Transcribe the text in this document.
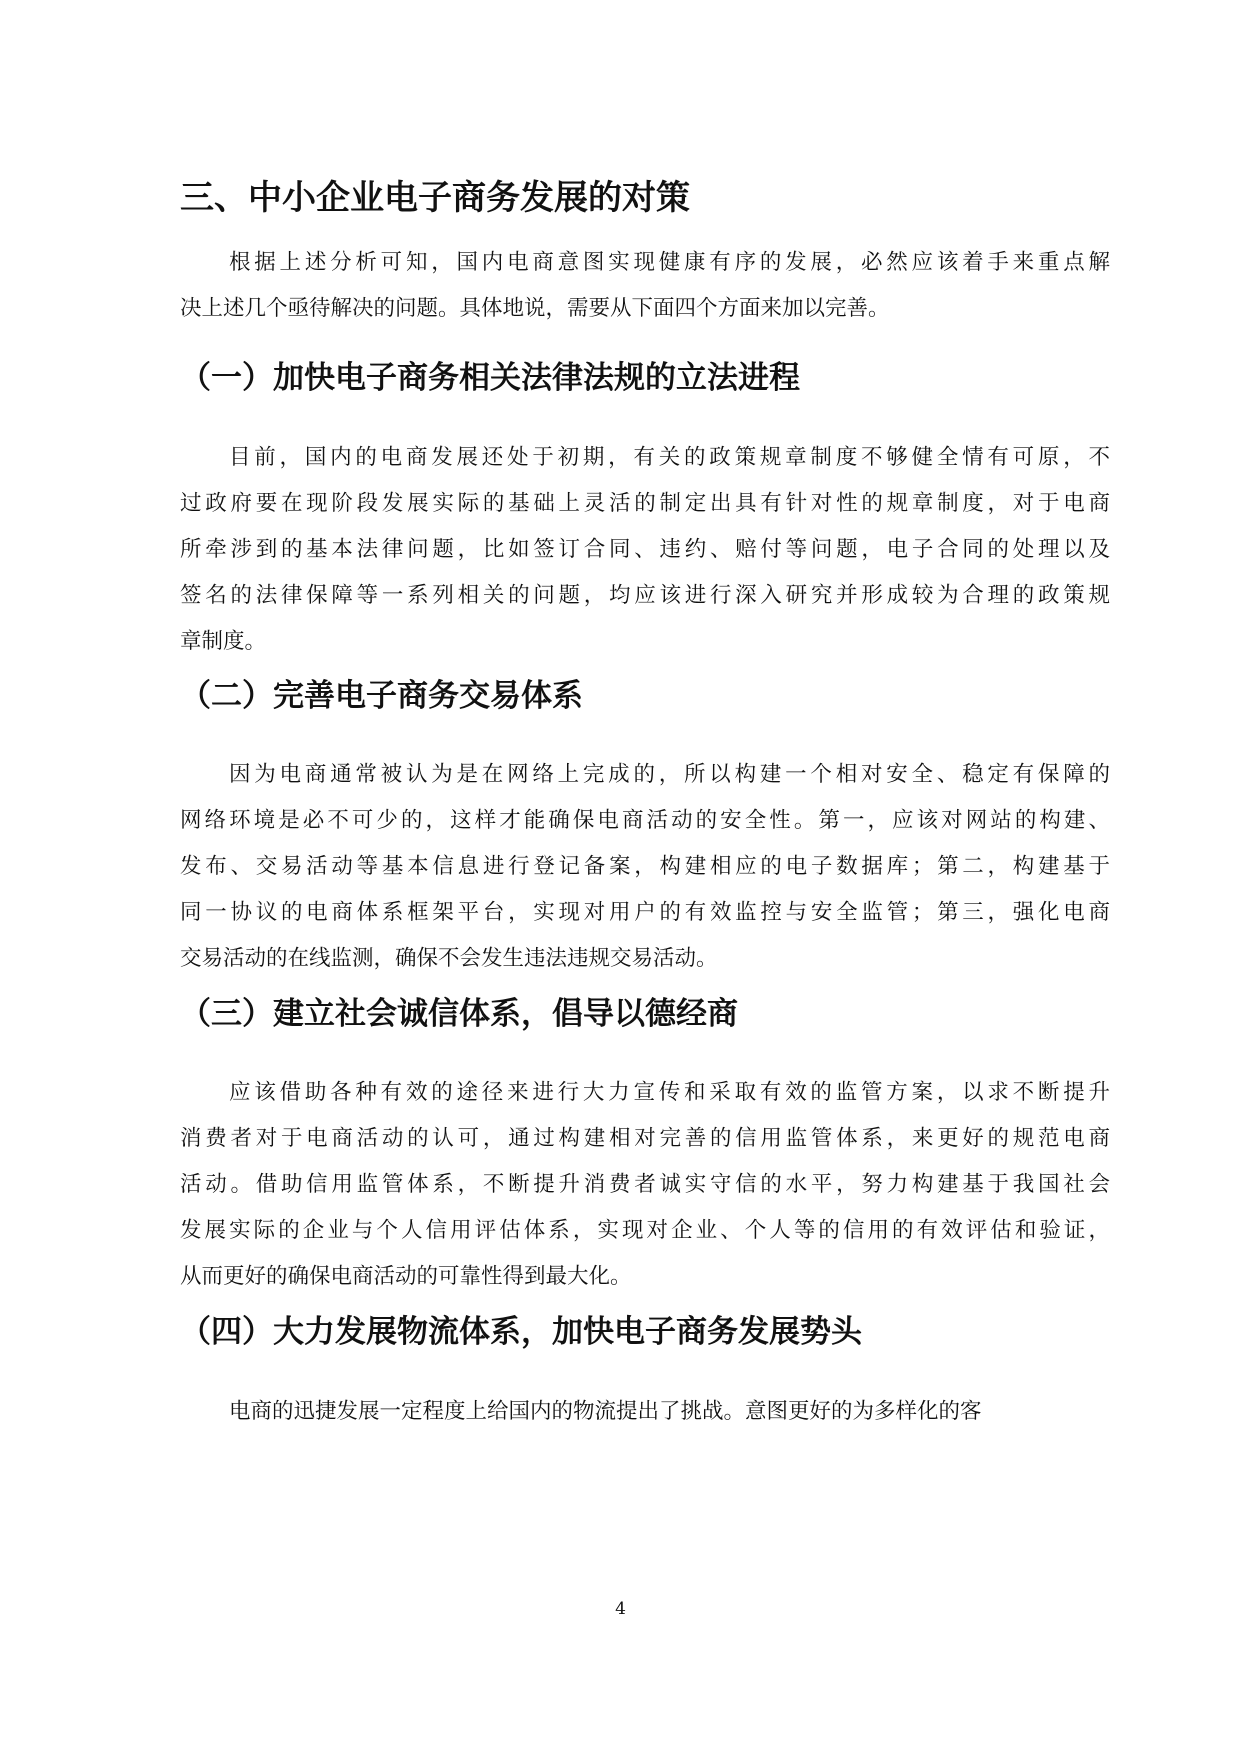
三、中小企业电子商务发展的对策
根据上述分析可知，国内电商意图实现健康有序的发展，必然应该着手来重点解
决上述几个亟待解决的问题。具体地说，需要从下面四个方面来加以完善。
（一）加快电子商务相关法律法规的立法进程
目前，国内的电商发展还处于初期，有关的政策规章制度不够健全情有可原，不
过政府要在现阶段发展实际的基础上灵活的制定出具有针对性的规章制度，对于电商
所牵涉到的基本法律问题，比如签订合同、违约、赔付等问题，电子合同的处理以及
签名的法律保障等一系列相关的问题，均应该进行深入研究并形成较为合理的政策规
章制度。
（二）完善电子商务交易体系
因为电商通常被认为是在网络上完成的，所以构建一个相对安全、稳定有保障的
网络环境是必不可少的，这样才能确保电商活动的安全性。第一，应该对网站的构建、
发布、交易活动等基本信息进行登记备案，构建相应的电子数据库；第二，构建基于
同一协议的电商体系框架平台，实现对用户的有效监控与安全监管；第三，强化电商
交易活动的在线监测，确保不会发生违法违规交易活动。
（三）建立社会诚信体系，倡导以德经商
应该借助各种有效的途径来进行大力宣传和采取有效的监管方案，以求不断提升
消费者对于电商活动的认可，通过构建相对完善的信用监管体系，来更好的规范电商
活动。借助信用监管体系，不断提升消费者诚实守信的水平，努力构建基于我国社会
发展实际的企业与个人信用评估体系，实现对企业、个人等的信用的有效评估和验证，
从而更好的确保电商活动的可靠性得到最大化。
（四）大力发展物流体系，加快电子商务发展势头
电商的迅捷发展一定程度上给国内的物流提出了挑战。意图更好的为多样化的客
4
